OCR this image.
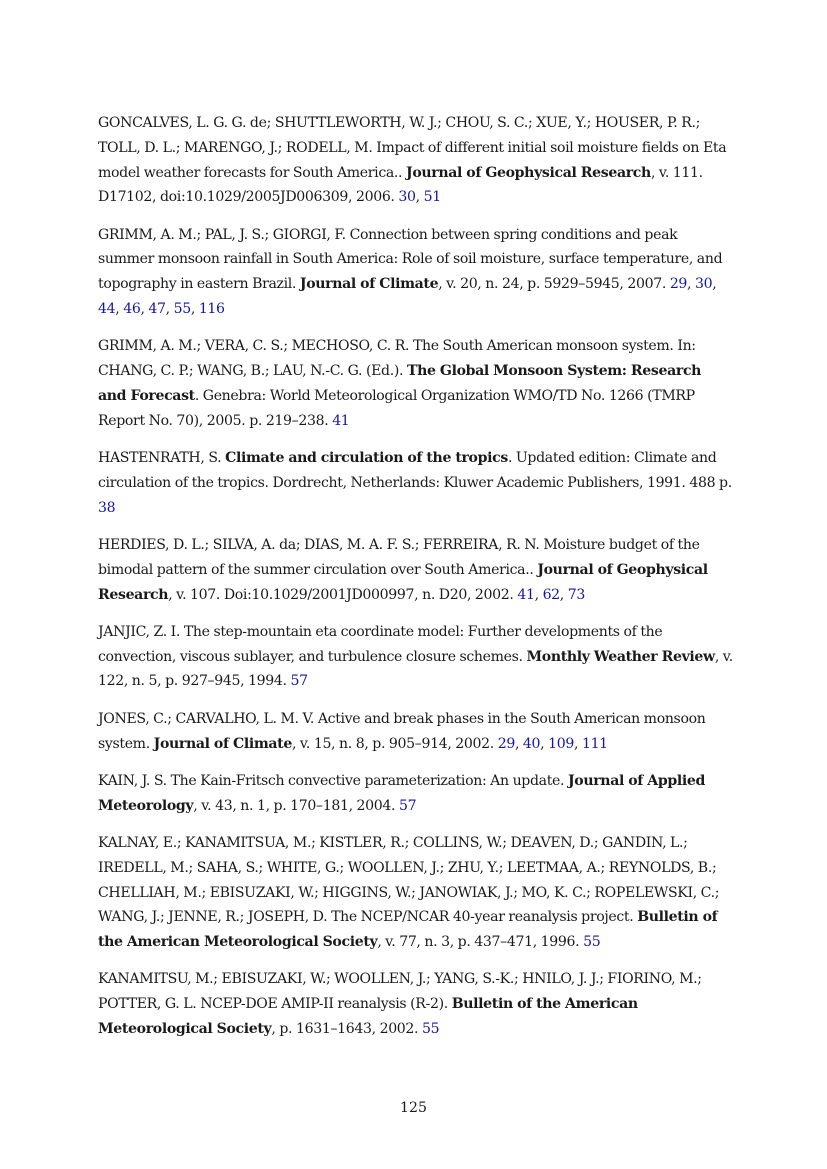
GONCALVES, L. G. G. de; SHUTTLEWORTH, W. J.; CHOU, S. C.; XUE, Y.; HOUSER, P. R.; TOLL, D. L.; MARENGO, J.; RODELL, M. Impact of different initial soil moisture fields on Eta model weather forecasts for South America.. Journal of Geophysical Research, v. 111. D17102, doi:10.1029/2005JD006309, 2006. 30, 51

GRIMM, A. M.; PAL, J. S.; GIORGI, F. Connection between spring conditions and peak summer monsoon rainfall in South America: Role of soil moisture, surface temperature, and topography in eastern Brazil. Journal of Climate, v. 20, n. 24, p. 5929–5945, 2007. 29, 30, 44, 46, 47, 55, 116

GRIMM, A. M.; VERA, C. S.; MECHOSO, C. R. The South American monsoon system. In: CHANG, C. P.; WANG, B.; LAU, N.-C. G. (Ed.). The Global Monsoon System: Research and Forecast. Genebra: World Meteorological Organization WMO/TD No. 1266 (TMRP Report No. 70), 2005. p. 219–238. 41

HASTENRATH, S. Climate and circulation of the tropics. Updated edition: Climate and circulation of the tropics. Dordrecht, Netherlands: Kluwer Academic Publishers, 1991. 488 p. 38

HERDIES, D. L.; SILVA, A. da; DIAS, M. A. F. S.; FERREIRA, R. N. Moisture budget of the bimodal pattern of the summer circulation over South America.. Journal of Geophysical Research, v. 107. Doi:10.1029/2001JD000997, n. D20, 2002. 41, 62, 73

JANJIC, Z. I. The step-mountain eta coordinate model: Further developments of the convection, viscous sublayer, and turbulence closure schemes. Monthly Weather Review, v. 122, n. 5, p. 927–945, 1994. 57

JONES, C.; CARVALHO, L. M. V. Active and break phases in the South American monsoon system. Journal of Climate, v. 15, n. 8, p. 905–914, 2002. 29, 40, 109, 111

KAIN, J. S. The Kain-Fritsch convective parameterization: An update. Journal of Applied Meteorology, v. 43, n. 1, p. 170–181, 2004. 57

KALNAY, E.; KANAMITSUA, M.; KISTLER, R.; COLLINS, W.; DEAVEN, D.; GANDIN, L.; IREDELL, M.; SAHA, S.; WHITE, G.; WOOLLEN, J.; ZHU, Y.; LEETMAA, A.; REYNOLDS, B.; CHELLIAH, M.; EBISUZAKI, W.; HIGGINS, W.; JANOWIAK, J.; MO, K. C.; ROPELEWSKI, C.; WANG, J.; JENNE, R.; JOSEPH, D. The NCEP/NCAR 40-year reanalysis project. Bulletin of the American Meteorological Society, v. 77, n. 3, p. 437–471, 1996. 55

KANAMITSU, M.; EBISUZAKI, W.; WOOLLEN, J.; YANG, S.-K.; HNILO, J. J.; FIORINO, M.; POTTER, G. L. NCEP-DOE AMIP-II reanalysis (R-2). Bulletin of the American Meteorological Society, p. 1631–1643, 2002. 55

125
